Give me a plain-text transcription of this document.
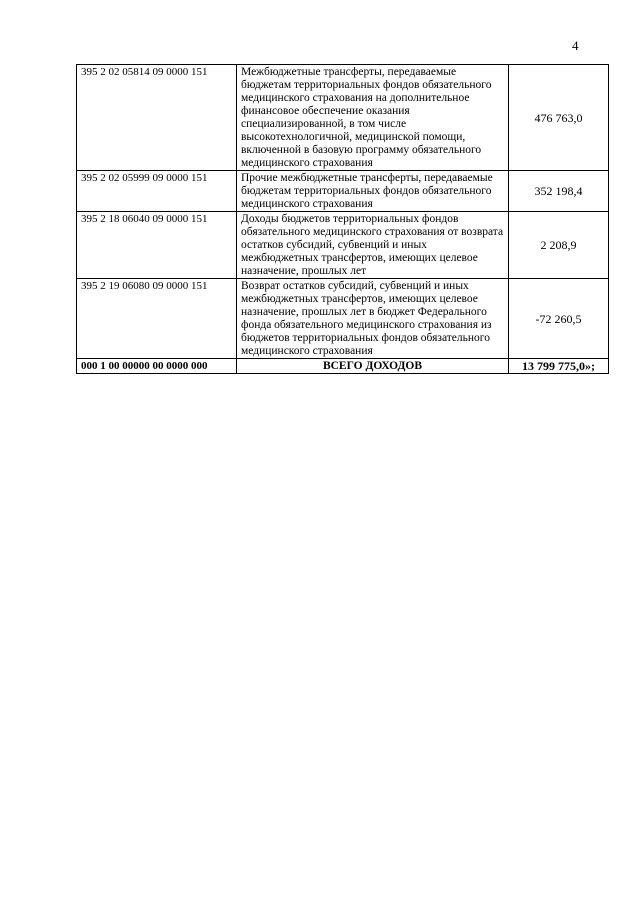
4
395 2 02 05814 09 0000 151	Межбюджетные трансферты, передаваемые бюджетам территориальных фондов обязательного медицинского страхования на дополнительное финансовое обеспечение оказания специализированной, в том числе высокотехнологичной, медицинской помощи, включенной в базовую программу обязательного медицинского страхования	476 763,0
395 2 02 05999 09 0000 151	Прочие межбюджетные трансферты, передаваемые бюджетам территориальных фондов обязательного медицинского страхования	352 198,4
395 2 18 06040 09 0000 151	Доходы бюджетов территориальных фондов обязательного медицинского страхования от возврата остатков субсидий, субвенций и иных межбюджетных трансфертов, имеющих целевое назначение, прошлых лет	2 208,9
395 2 19 06080 09 0000 151	Возврат остатков субсидий, субвенций и иных межбюджетных трансфертов, имеющих целевое назначение, прошлых лет в бюджет Федерального фонда обязательного медицинского страхования из бюджетов территориальных фондов обязательного медицинского страхования	-72 260,5
000 1 00 00000 00 0000 000	ВСЕГО ДОХОДОВ	13 799 775,0»;
